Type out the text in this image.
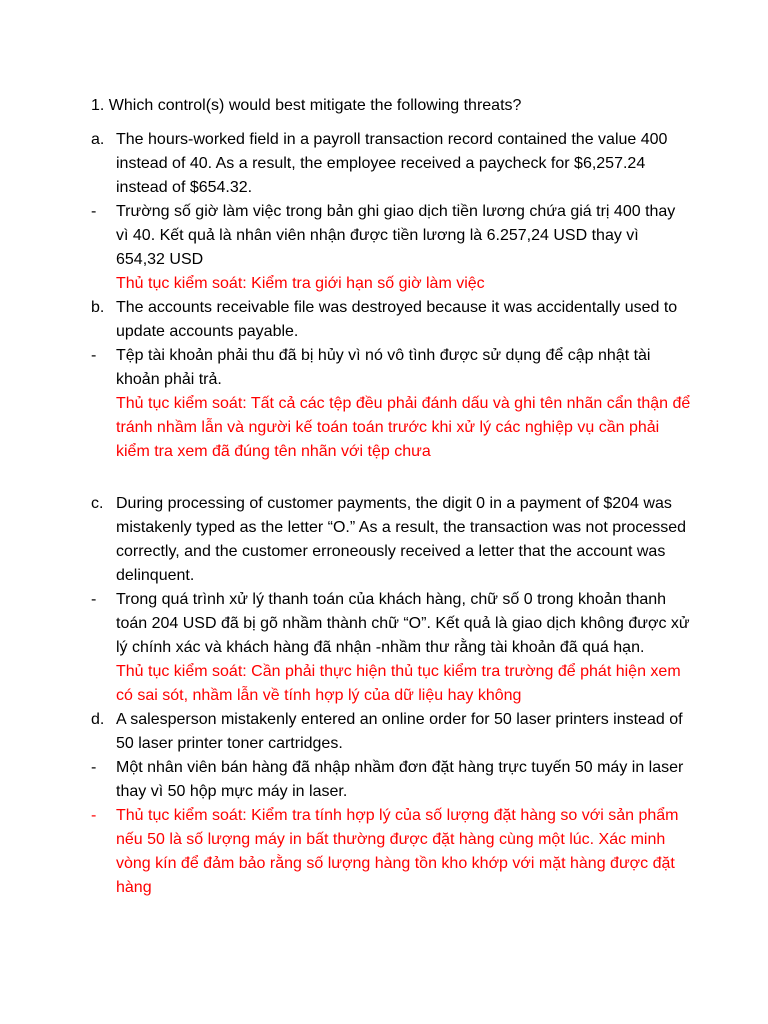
1. Which control(s) would best mitigate the following threats?
a. The hours-worked field in a payroll transaction record contained the value 400 instead of 40. As a result, the employee received a paycheck for $6,257.24 instead of $654.32.
-	Trường số giờ làm việc trong bản ghi giao dịch tiền lương chứa giá trị 400 thay vì 40. Kết quả là nhân viên nhận được tiền lương là 6.257,24 USD thay vì 654,32 USD
Thủ tục kiểm soát: Kiểm tra giới hạn số giờ làm việc
b. The accounts receivable file was destroyed because it was accidentally used to update accounts payable.
-	Tệp tài khoản phải thu đã bị hủy vì nó vô tình được sử dụng để cập nhật tài khoản phải trả.
Thủ tục kiểm soát: Tất cả các tệp đều phải đánh dấu và ghi tên nhãn cẩn thận để tránh nhầm lẫn và người kế toán toán trước khi xử lý các nghiệp vụ cần phải kiểm tra xem đã đúng tên nhãn với tệp chưa
c. During processing of customer payments, the digit 0 in a payment of $204 was mistakenly typed as the letter “O.” As a result, the transaction was not processed correctly, and the customer erroneously received a letter that the account was delinquent.
-	Trong quá trình xử lý thanh toán của khách hàng, chữ số 0 trong khoản thanh toán 204 USD đã bị gõ nhầm thành chữ “O”. Kết quả là giao dịch không được xử lý chính xác và khách hàng đã nhận -nhầm thư rằng tài khoản đã quá hạn.
Thủ tục kiểm soát: Cần phải thực hiện thủ tục kiểm tra trường để phát hiện xem có sai sót, nhầm lẫn về tính hợp lý của dữ liệu hay không
d. A salesperson mistakenly entered an online order for 50 laser printers instead of 50 laser printer toner cartridges.
-	Một nhân viên bán hàng đã nhập nhầm đơn đặt hàng trực tuyến 50 máy in laser thay vì 50 hộp mực máy in laser.
-	Thủ tục kiểm soát: Kiểm tra tính hợp lý của số lượng đặt hàng so với sản phẩm nếu 50 là số lượng máy in bất thường được đặt hàng cùng một lúc. Xác minh vòng kín để đảm bảo rằng số lượng hàng tồn kho khớp với mặt hàng được đặt hàng
